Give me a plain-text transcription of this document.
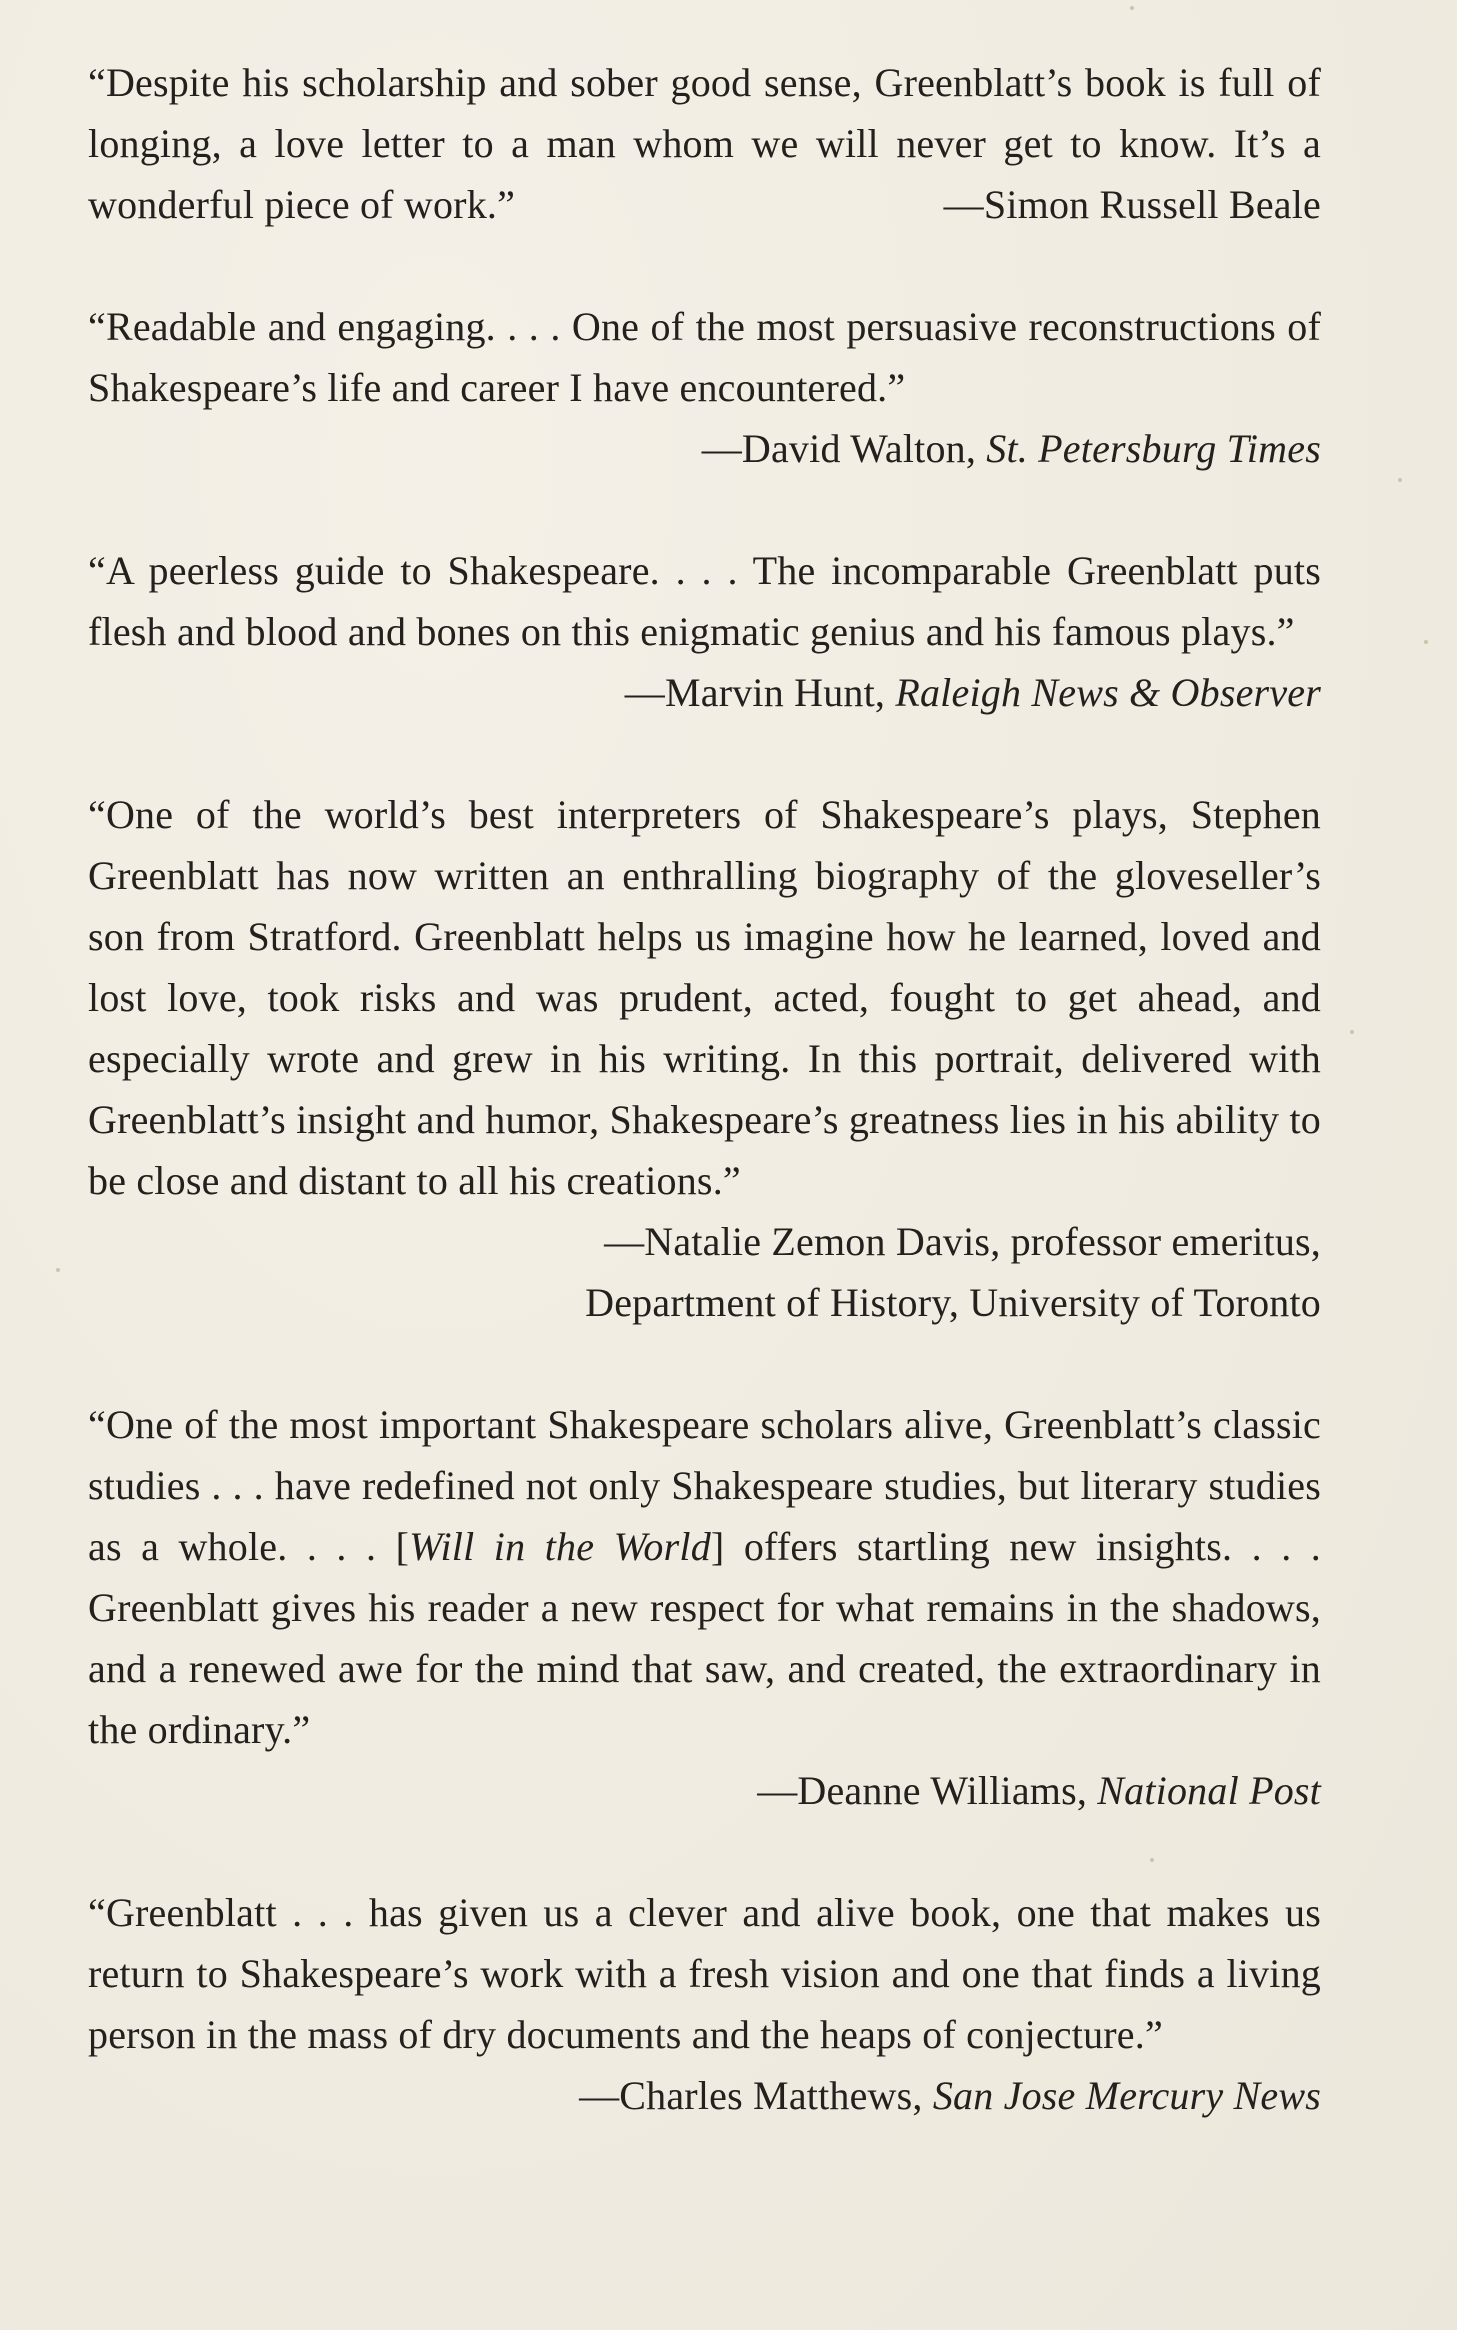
“Despite his scholarship and sober good sense, Greenblatt’s book is full of longing, a love letter to a man whom we will never get to know. It’s a wonderful piece of work.”	—Simon Russell Beale

“Readable and engaging. . . . One of the most persuasive reconstructions of Shakespeare’s life and career I have encountered.”
—David Walton, St. Petersburg Times

“A peerless guide to Shakespeare. . . . The incomparable Greenblatt puts flesh and blood and bones on this enigmatic genius and his famous plays.”
—Marvin Hunt, Raleigh News & Observer

“One of the world’s best interpreters of Shakespeare’s plays, Stephen Greenblatt has now written an enthralling biography of the gloveseller’s son from Stratford. Greenblatt helps us imagine how he learned, loved and lost love, took risks and was prudent, acted, fought to get ahead, and especially wrote and grew in his writing. In this portrait, delivered with Greenblatt’s insight and humor, Shakespeare’s greatness lies in his ability to be close and distant to all his creations.”
—Natalie Zemon Davis, professor emeritus,
Department of History, University of Toronto

“One of the most important Shakespeare scholars alive, Greenblatt’s classic studies . . . have redefined not only Shakespeare studies, but literary studies as a whole. . . . [Will in the World] offers startling new insights. . . . Greenblatt gives his reader a new respect for what remains in the shadows, and a renewed awe for the mind that saw, and created, the extraordinary in the ordinary.”
—Deanne Williams, National Post

“Greenblatt . . . has given us a clever and alive book, one that makes us return to Shakespeare’s work with a fresh vision and one that finds a living person in the mass of dry documents and the heaps of conjecture.”
—Charles Matthews, San Jose Mercury News
